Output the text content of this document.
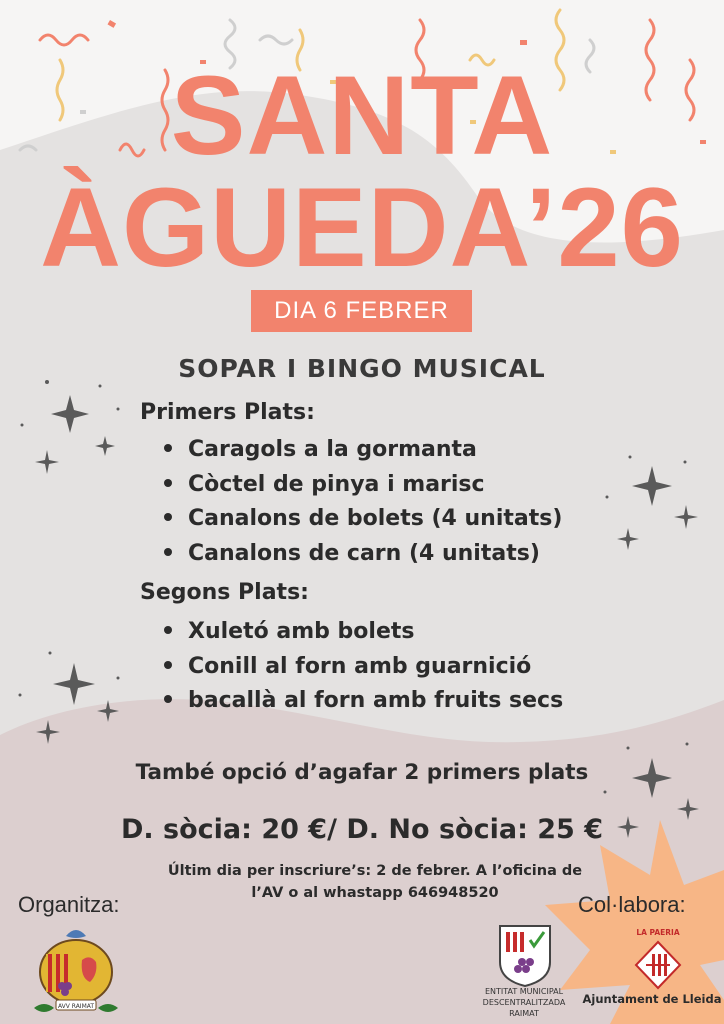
SANTA
ÀGUEDA’26
DIA 6 FEBRER
SOPAR I BINGO MUSICAL
Primers Plats:
Caragols a la gormanta
Còctel de pinya i marisc
Canalons de bolets (4 unitats)
Canalons de carn (4 unitats)
Segons Plats:
Xuletó amb bolets
Conill al forn amb guarnició
bacallà al forn amb fruits secs
També opció d’agafar 2 primers plats
D. sòcia: 20 €/ D. No sòcia: 25 €
Últim dia per inscriure’s: 2 de febrer. A l’oficina de
l’AV o al whastapp 646948520
Organitza:	Col·labora:
AVV RAIMAT
ENTITAT MUNICIPAL
DESCENTRALITZADA
RAIMAT
LA PAERIA
Ajuntament de Lleida
